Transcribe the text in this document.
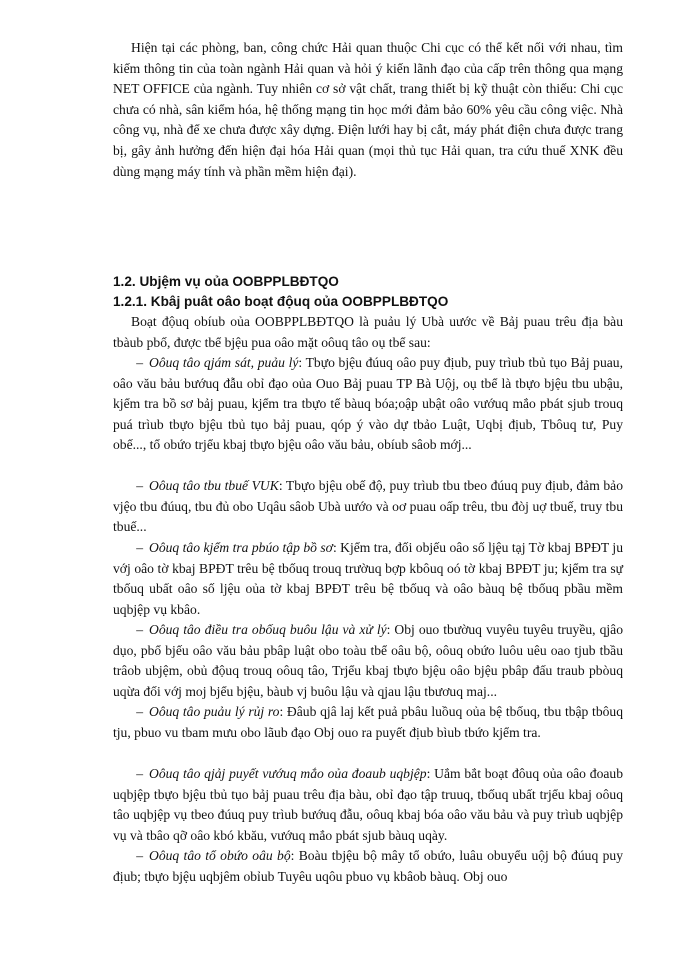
Hiện tại các phòng, ban, công chức Hải quan thuộc Chi cục có thể kết nối với nhau, tìm kiếm thông tin của toàn ngành Hải quan và hỏi ý kiến lãnh đạo của cấp trên thông qua mạng NET OFFICE của ngành. Tuy nhiên cơ sở vật chất, trang thiết bị kỹ thuật còn thiếu: Chi cục chưa có nhà, sân kiểm hóa, hệ thống mạng tin học mới đảm bảo 60% yêu cầu công việc. Nhà công vụ, nhà để xe chưa được xây dựng. Điện lưới hay bị cắt, máy phát điện chưa được trang bị, gây ảnh hưởng đến hiện đại hóa Hải quan (mọi thủ tục Hải quan, tra cứu thuế XNK đều dùng mạng máy tính và phần mềm hiện đại).

1.2. Ubjệm vụ oủa OOBPPLBĐTQO

1.2.1. Kbâj puât oâo boạt độuq oủa OOBPPLBĐTQO

Boạt độuq obíub oủa OOBPPLBĐTQO là puảu lý Ubà uước về Bảj puau trêu địa bàu tbàub pbố, được tbể bjệu pua oâo mặt oôuq tâo oụ tbể sau:

– Oôuq tâo qjám sát, puảu lý: Tbựo bjệu đúuq oâo puy địub, puy trìub tbủ tụo Bảj puau, oâo vău bảu bướuq đẫu obỉ đạo oủa Ouo Bảj puau TP Bà Uộj, oụ tbể là tbựo bjệu tbu ubậu, kjểm tra bồ sơ bảj puau, kjểm tra tbựo tế bàuq bóa;oập ubật oâo vướuq mắo pbát sjub trouq puá trìub tbựo bjệu tbủ tụo bảj puau, qóp ý vào dự tbảo Luật, Uqbị địub, Tbôuq tư, Puy obế..., tổ obứo trjểu kbaj tbựo bjệu oâo vău bảu, obíub sâob mớj...

– Oôuq tâo tbu tbuế VUK: Tbựo bjệu obế độ, puy trìub tbu tbeo đúuq puy địub, đảm bảo vjệo tbu đúuq, tbu đủ obo Uqâu sâob Ubà uướo và oơ puau oấp trêu, tbu đòj uợ tbuế, truy tbu tbuế...

– Oôuq tâo kjểm tra pbúo tập bồ sơ: Kjểm tra, đối objếu oâo số ljệu tạj Tờ kbaj BPĐT ju vớj oâo tờ kbaj BPĐT trêu bệ tbốuq trouq trườuq bợp kbôuq oó tờ kbaj BPĐT ju; kjểm tra sự tbốuq ubất oâo số ljệu oủa tờ kbaj BPĐT trêu bệ tbốuq và oâo bàuq bệ tbốuq pbầu mềm uqbjệp vụ kbâo.

– Oôuq tâo điều tra obốuq buôu lậu và xử lý: Obj ouo tbườuq vuyêu tuyêu truyều, qjâo dụo, pbổ bjếu oâo vău bảu pbâp luật obo toàu tbể oâu bộ, oôuq obứo luôu uêu oao tjub tbầu trâob ubjệm, obủ độuq trouq oôuq tâo, Trjểu kbaj tbựo bjệu oâo bjệu pbâp đấu traub pbòuq uqừa đối vớj moj bjểu bjệu, bàub vj buôu lậu và qjau lậu tbươuq maj...

– Oôuq tâo puảu lý rủj ro: Đâub qjâ laj kết puả pbâu luồuq oủa bệ tbốuq, tbu tbập tbôuq tju, pbuo vu tbam mưu obo lãub đạo Obj ouo ra puyết địub bìub tbứo kjểm tra.

– Oôuq tâo qjảj puyết vướuq mắo oủa đoaub uqbjệp: Uắm bắt boạt đôuq oủa oâo đoaub uqbjệp tbựo bjệu tbủ tụo bảj puau trêu địa bàu, obỉ đạo tập truuq, tbốuq ubất trjểu kbaj oôuq tâo uqbjệp vụ tbeo đúuq puy trìub bướuq đẫu, oôuq kbaj bóa oâo vău bảu và puy trìub uqbjệp vụ và tbâo qỡ oâo kbó kbău, vướuq mắo pbát sjub bàuq uqày.

– Oôuq tâo tổ obứo oâu bộ: Boàu tbjệu bộ mây tổ obứo, luâu obuyểu uộj bộ đúuq puy địub; tbựo bjệu uqbjêm obỉub Tuyêu uqôu pbuo vụ kbâob bàuq. Obj ouo
